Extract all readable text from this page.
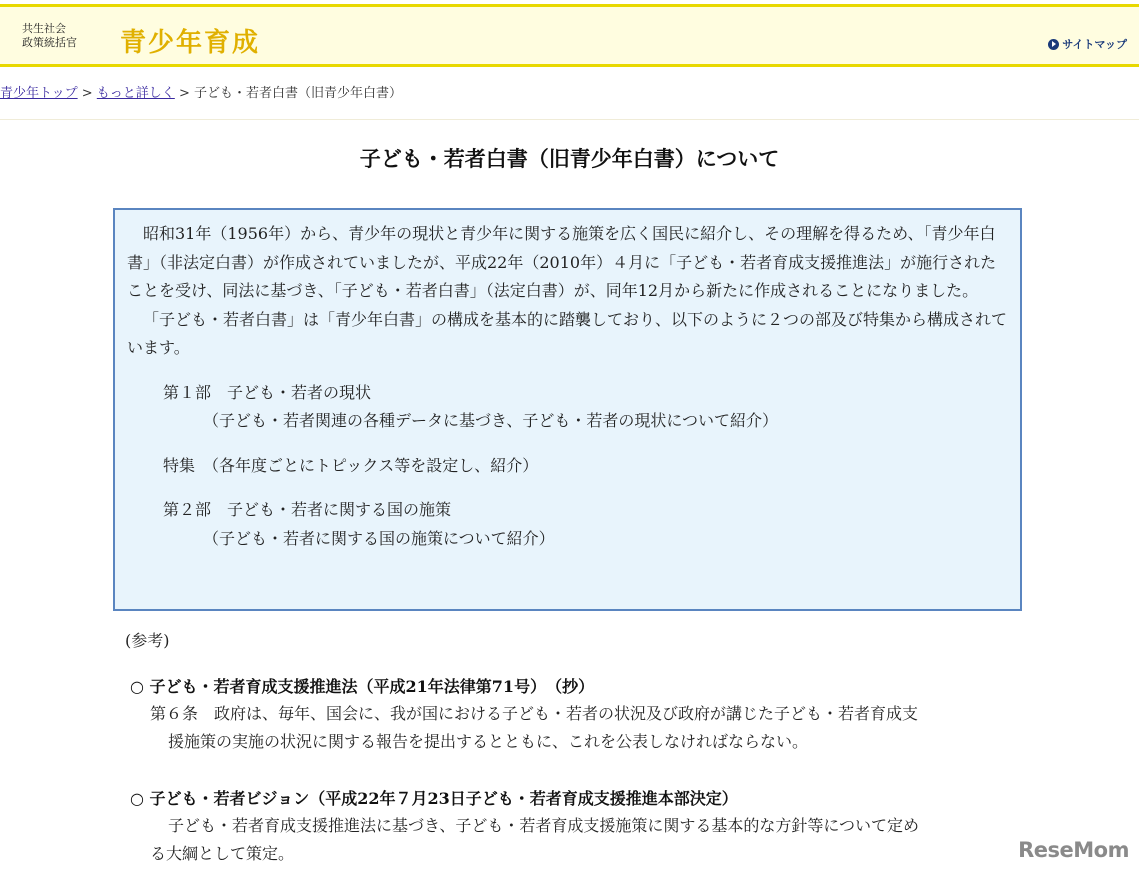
共生社会
政策統括官	青少年育成	サイトマップ
青少年トップ > もっと詳しく > 子ども・若者白書（旧青少年白書）
子ども・若者白書（旧青少年白書）について

昭和31年（1956年）から、青少年の現状と青少年に関する施策を広く国民に紹介し、その理解を得るため、「青少年白書」（非法定白書）が作成されていましたが、平成22年（2010年）４月に「子ども・若者育成支援推進法」が施行されたことを受け、同法に基づき、「子ども・若者白書」（法定白書）が、同年12月から新たに作成されることになりました。

「子ども・若者白書」は「青少年白書」の構成を基本的に踏襲しており、以下のように２つの部及び特集から構成されています。

第１部　子ども・若者の現状
（子ども・若者関連の各種データに基づき、子ども・若者の現状について紹介）
特集　（各年度ごとにトピックス等を設定し、紹介）
第２部　子ども・若者に関する国の施策
（子ども・若者に関する国の施策について紹介）
(参考)
○ 子ども・若者育成支援推進法（平成21年法律第71号）　（抄）
第６条　政府は、毎年、国会に、我が国における子ども・若者の状況及び政府が講じた子ども・若者育成支
援施策の実施の状況に関する報告を提出するとともに、これを公表しなければならない。
○ 子ども・若者ビジョン（平成22年７月23日子ども・若者育成支援推進本部決定）
子ども・若者育成支援推進法に基づき、子ども・若者育成支援施策に関する基本的な方針等について定め
る大綱として策定。	ReseMom
